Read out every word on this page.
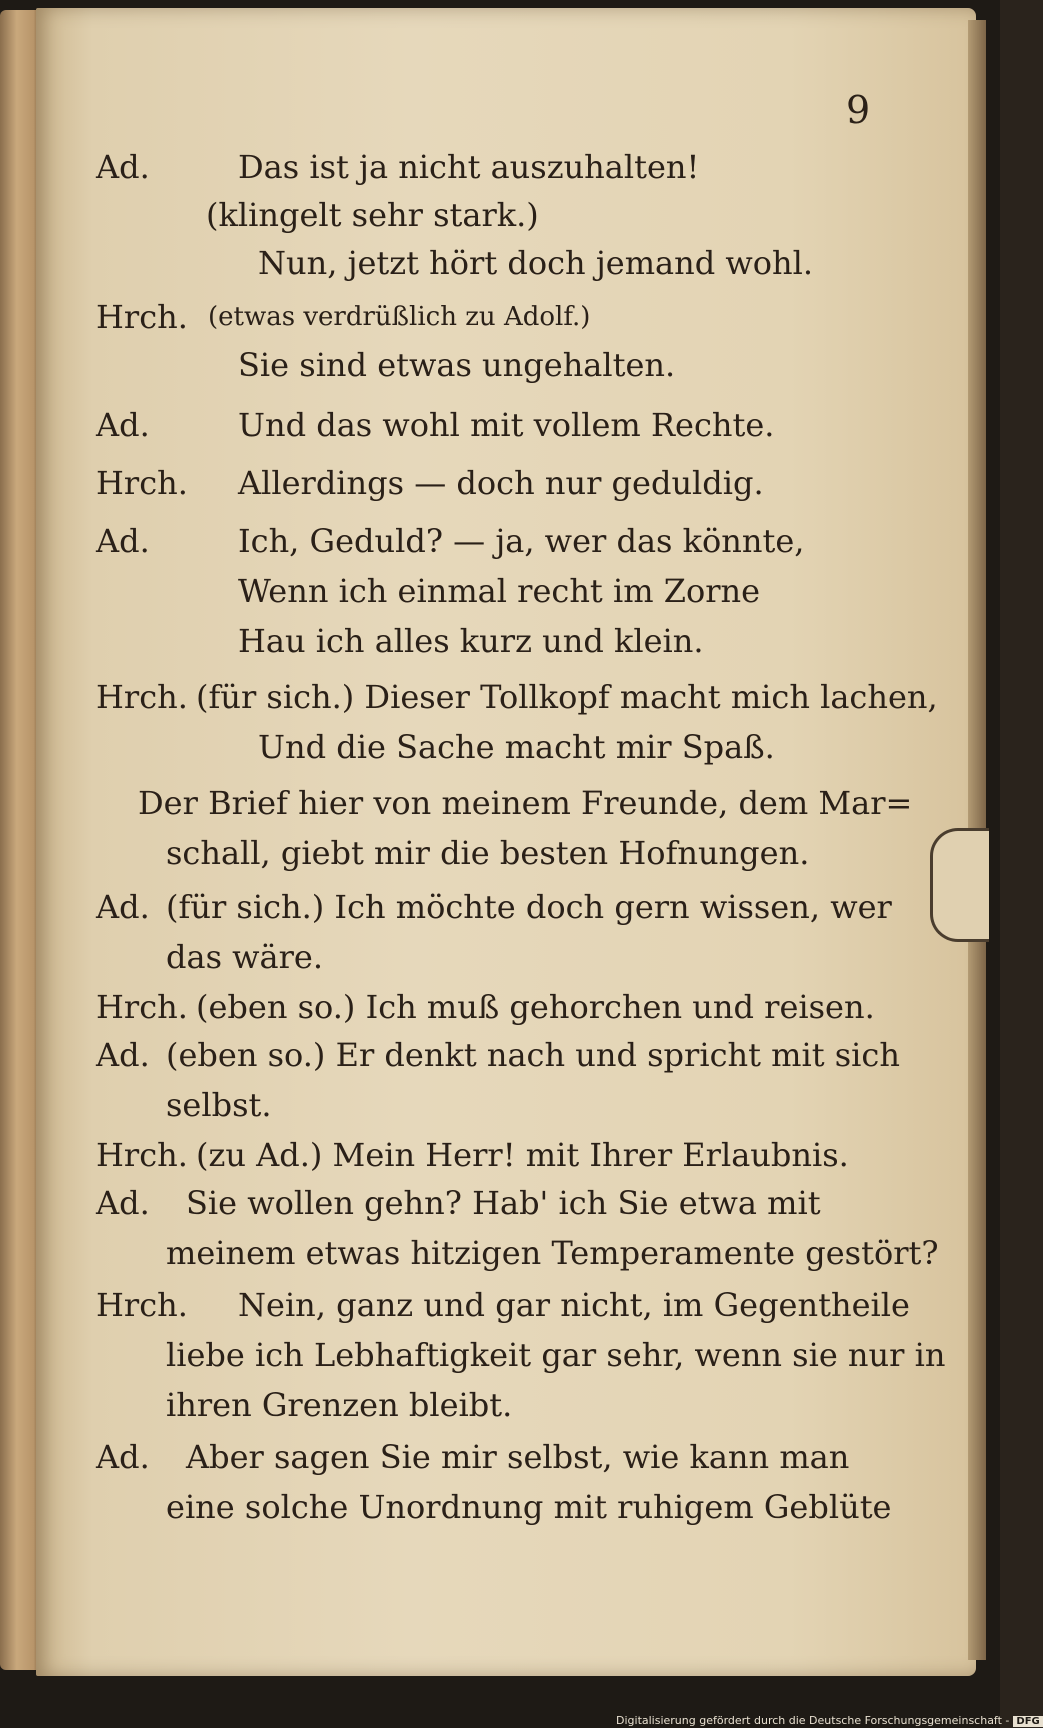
9
Ad.	Das ist ja nicht auszuhalten!
(klingelt sehr stark.)
Nun, jetzt hört doch jemand wohl.
Hrch. (etwas verdrüßlich zu Adolf.)
Sie sind etwas ungehalten.
Ad.	Und das wohl mit vollem Rechte.
Hrch. Allerdings — doch nur geduldig.
Ad.	Ich, Geduld? — ja, wer das könnte,
Wenn ich einmal recht im Zorne
Hau ich alles kurz und klein.
Hrch. (für sich.) Dieser Tollkopf macht mich lachen,
Und die Sache macht mir Spaß.
Der Brief hier von meinem Freunde, dem Mar=
schall, giebt mir die besten Hofnungen.
Ad. (für sich.) Ich möchte doch gern wissen, wer
das wäre.
Hrch. (eben so.) Ich muß gehorchen und reisen.
Ad. (eben so.) Er denkt nach und spricht mit sich
selbst.
Hrch. (zu Ad.) Mein Herr! mit Ihrer Erlaubnis.
Ad. Sie wollen gehn? Hab' ich Sie etwa mit
meinem etwas hitzigen Temperamente gestört?
Hrch. Nein, ganz und gar nicht, im Gegentheile
liebe ich Lebhaftigkeit gar sehr, wenn sie nur in
ihren Grenzen bleibt.
Ad. Aber sagen Sie mir selbst, wie kann man
eine solche Unordnung mit ruhigem Geblüte
Digitalisierung gefördert durch die Deutsche Forschungsgemeinschaft - DFG
